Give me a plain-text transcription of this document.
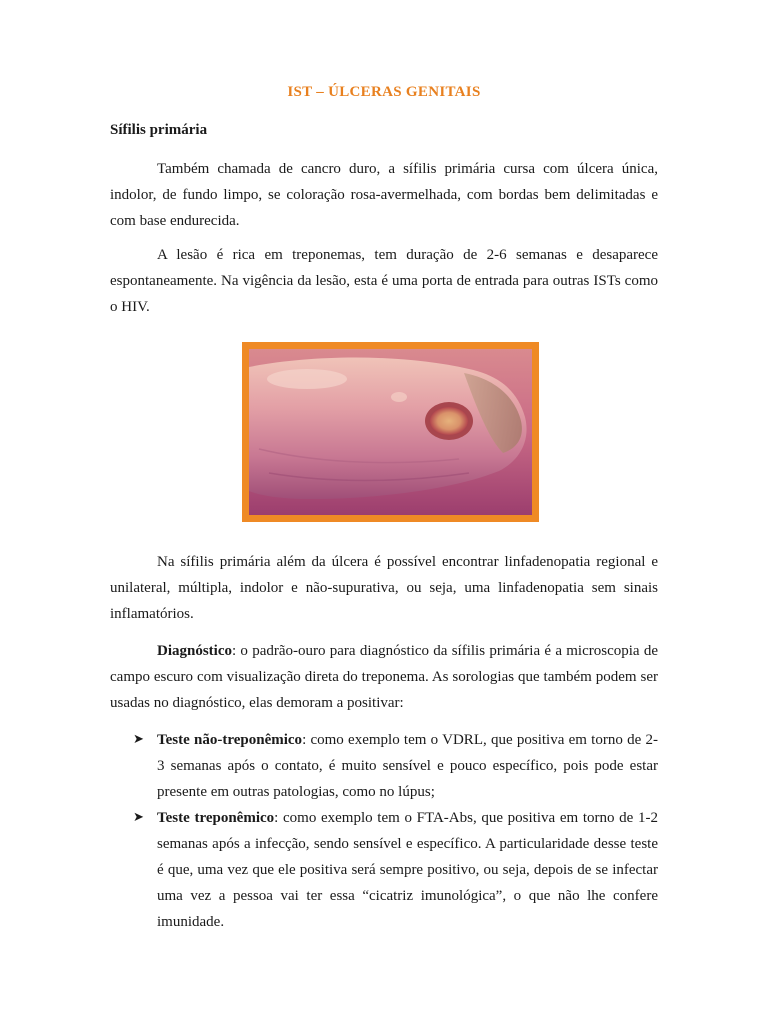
IST – ÚLCERAS GENITAIS
Sífilis primária

Também chamada de cancro duro, a sífilis primária cursa com úlcera única, indolor, de fundo limpo, se coloração rosa-avermelhada, com bordas bem delimitadas e com base endurecida.

A lesão é rica em treponemas, tem duração de 2-6 semanas e desaparece espontaneamente. Na vigência da lesão, esta é uma porta de entrada para outras ISTs como o HIV.

Na sífilis primária além da úlcera é possível encontrar linfadenopatia regional e unilateral, múltipla, indolor e não-supurativa, ou seja, uma linfadenopatia sem sinais inflamatórios.

Diagnóstico: o padrão-ouro para diagnóstico da sífilis primária é a microscopia de campo escuro com visualização direta do treponema. As sorologias que também podem ser usadas no diagnóstico, elas demoram a positivar:

➤ Teste não-treponêmico: como exemplo tem o VDRL, que positiva em torno de 2-3 semanas após o contato, é muito sensível e pouco específico, pois pode estar presente em outras patologias, como no lúpus;
➤ Teste treponêmico: como exemplo tem o FTA-Abs, que positiva em torno de 1-2 semanas após a infecção, sendo sensível e específico. A particularidade desse teste é que, uma vez que ele positiva será sempre positivo, ou seja, depois de se infectar uma vez a pessoa vai ter essa “cicatriz imunológica”, o que não lhe confere imunidade.
